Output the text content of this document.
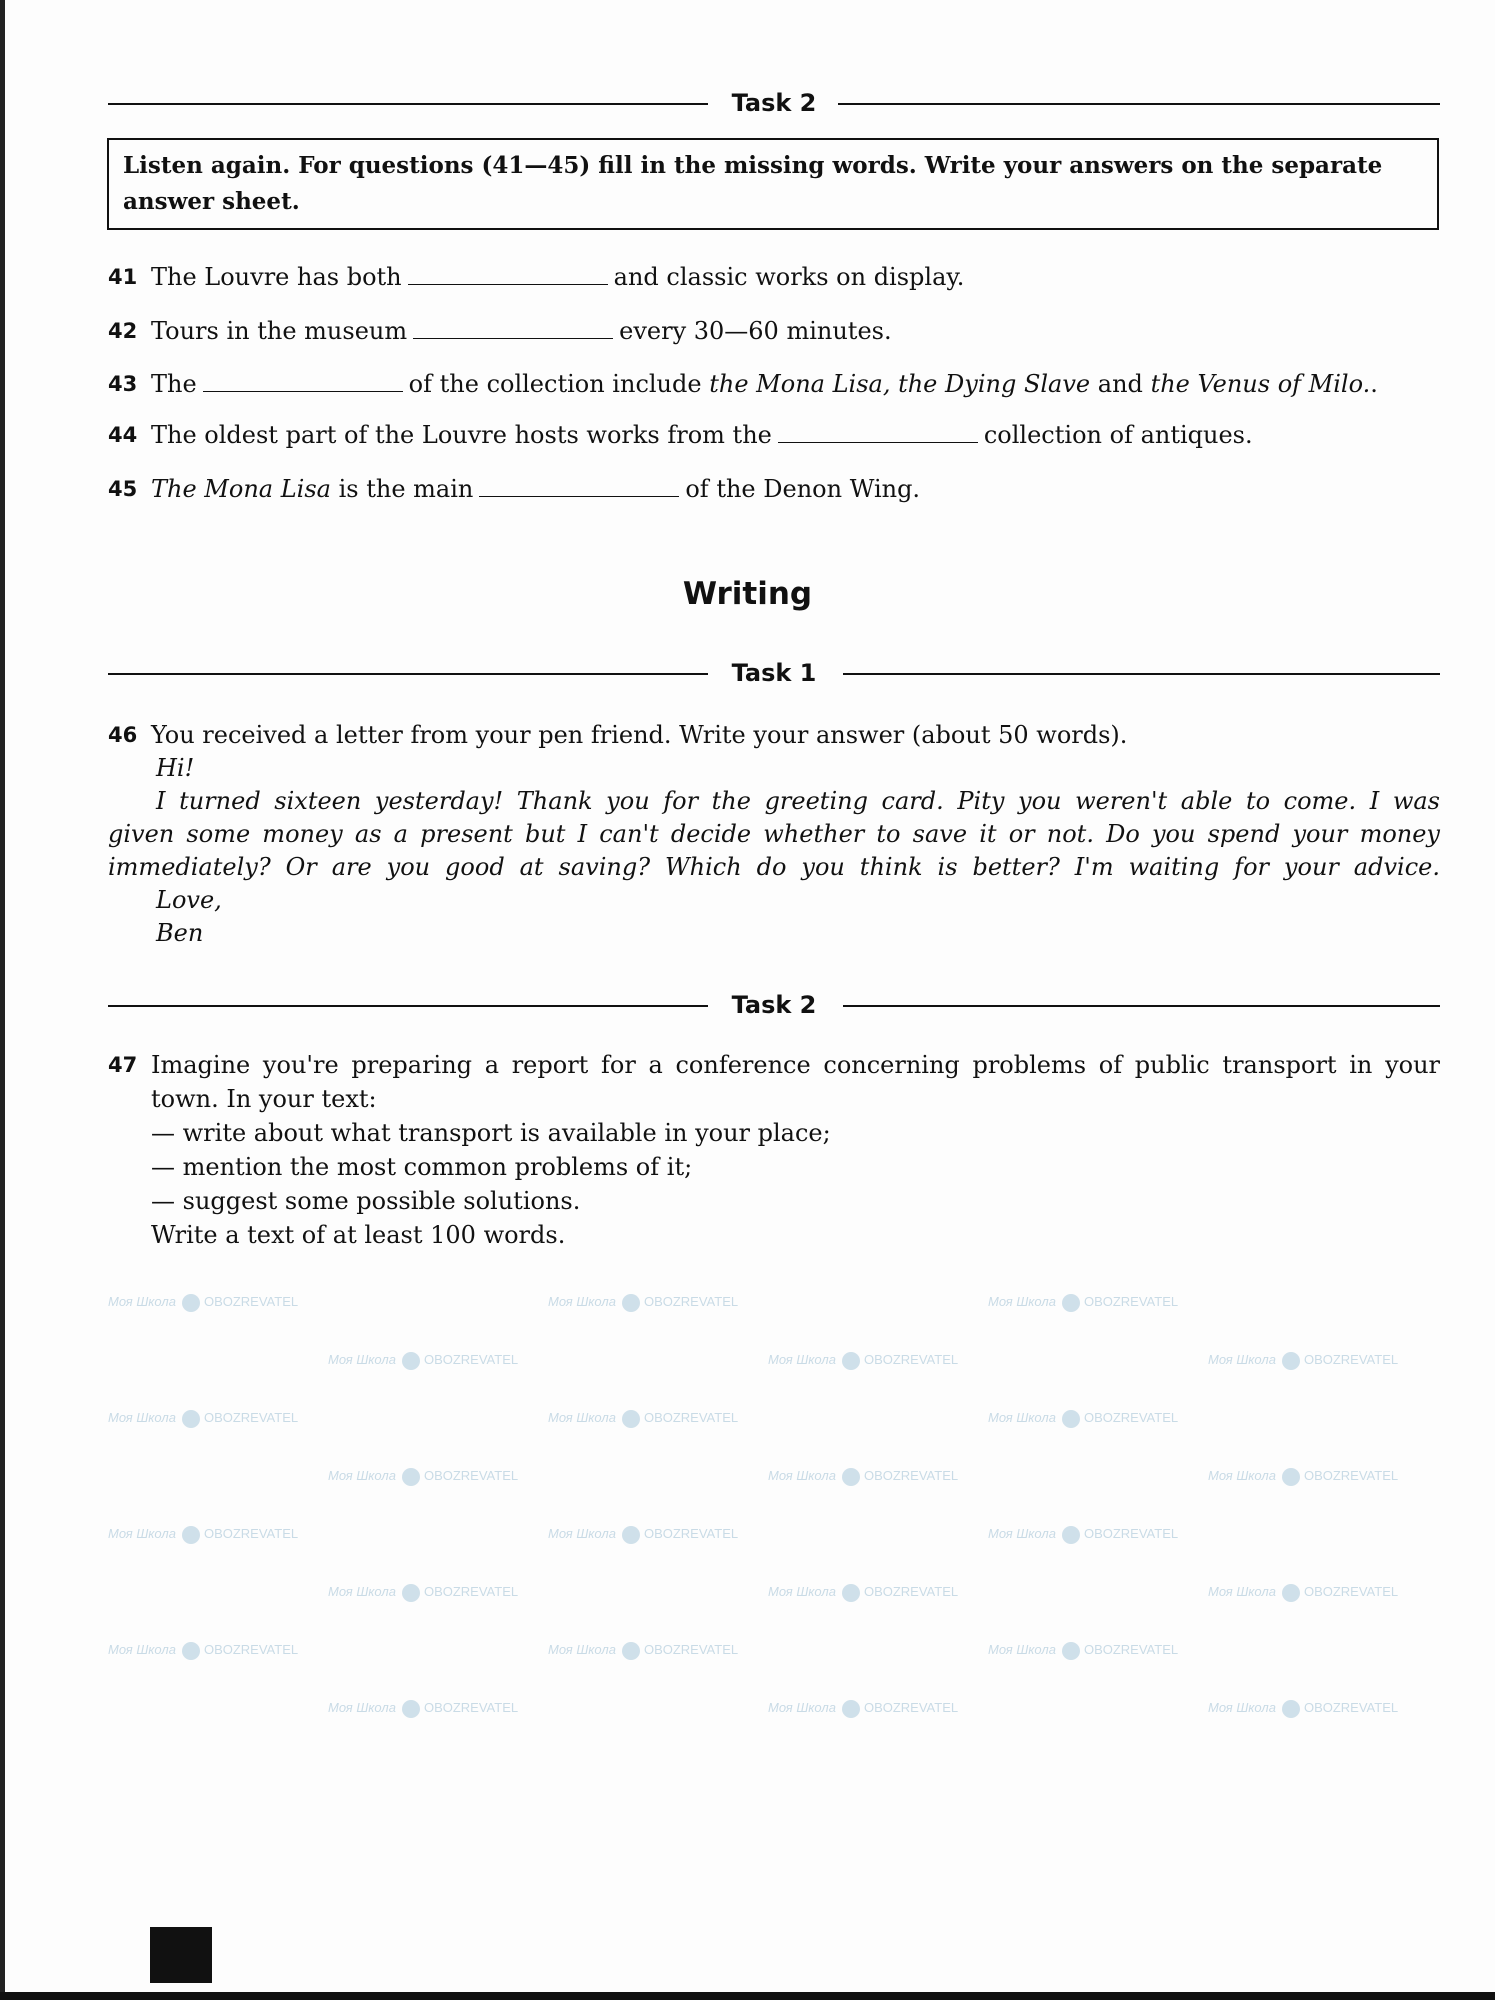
Task 2
Listen again. For questions (41—45) fill in the missing words. Write your answers on the separate answer sheet.
41 The Louvre has both	and classic works on display.
42 Tours in the museum	every 30—60 minutes.
43 The	of the collection include the Mona Lisa, the Dying Slave and the Venus of Milo..
44 The oldest part of the Louvre hosts works from the	collection of antiques.
45 The Mona Lisa is the main	of the Denon Wing.
Writing
Task 1
46 You received a letter from your pen friend. Write your answer (about 50 words).

Hi!

I turned sixteen yesterday! Thank you for the greeting card. Pity you weren't able to come. I was

given some money as a present but I can't decide whether to save it or not. Do you spend your money

immediately? Or are you good at saving? Which do you think is better? I'm waiting for your advice.

Love,

Ben

Task 2
47 Imagine you're preparing a report for a conference concerning problems of public transport in your town. In your text:
— write about what transport is available in your place;
— mention the most common problems of it;
— suggest some possible solutions.
Write a text of at least 100 words.
Моя Школа OBOZREVATEL	Моя Школа OBOZREVATEL	Моя Школа OBOZREVATEL
Моя Школа OBOZREVATEL	Моя Школа OBOZREVATEL	Моя Школа OBOZREVATEL
Моя Школа OBOZREVATEL	Моя Школа OBOZREVATEL	Моя Школа OBOZREVATEL
Моя Школа OBOZREVATEL	Моя Школа OBOZREVATEL	Моя Школа OBOZREVATEL
Моя Школа OBOZREVATEL	Моя Школа OBOZREVATEL	Моя Школа OBOZREVATEL
Моя Школа OBOZREVATEL	Моя Школа OBOZREVATEL	Моя Школа OBOZREVATEL
Моя Школа OBOZREVATEL	Моя Школа OBOZREVATEL	Моя Школа OBOZREVATEL
Моя Школа OBOZREVATEL	Моя Школа OBOZREVATEL	Моя Школа OBOZREVATEL
